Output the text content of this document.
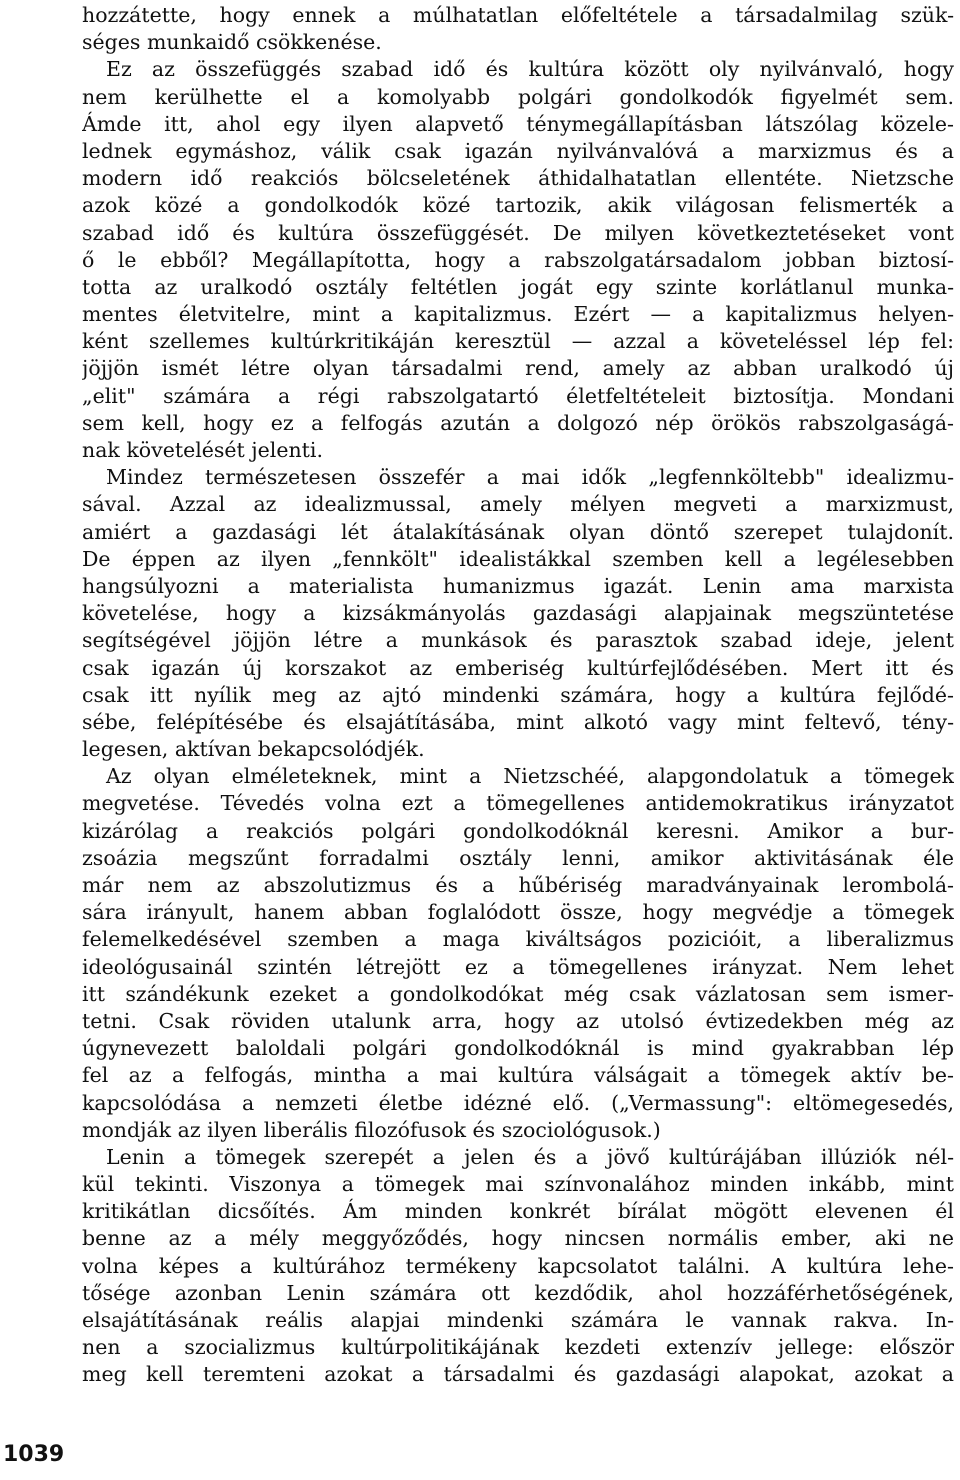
hozzátette, hogy ennek a múlhatatlan előfeltétele a társadalmilag szük-
séges munkaidő csökkenése.
Ez az összefüggés szabad idő és kultúra között oly nyilvánvaló, hogy
nem kerülhette el a komolyabb polgári gondolkodók figyelmét sem.
Ámde itt, ahol egy ilyen alapvető ténymegállapításban látszólag közele-
lednek egymáshoz, válik csak igazán nyilvánvalóvá a marxizmus és a
modern idő reakciós bölcseletének áthidalhatatlan ellentéte. Nietzsche
azok közé a gondolkodók közé tartozik, akik világosan felismerték a
szabad idő és kultúra összefüggését. De milyen következtetéseket vont
ő le ebből? Megállapította, hogy a rabszolgatársadalom jobban biztosí-
totta az uralkodó osztály feltétlen jogát egy szinte korlátlanul munka-
mentes életvitelre, mint a kapitalizmus. Ezért — a kapitalizmus helyen-
ként szellemes kultúrkritikáján keresztül — azzal a követeléssel lép fel:
jöjjön ismét létre olyan társadalmi rend, amely az abban uralkodó új
„elit" számára a régi rabszolgatartó életfeltételeit biztosítja. Mondani
sem kell, hogy ez a felfogás azután a dolgozó nép örökös rabszolgaságá-
nak követelését jelenti.
Mindez természetesen összefér a mai idők „legfennköltebb" idealizmu-
sával. Azzal az idealizmussal, amely mélyen megveti a marxizmust,
amiért a gazdasági lét átalakításának olyan döntő szerepet tulajdonít.
De éppen az ilyen „fennkölt" idealistákkal szemben kell a legélesebben
hangsúlyozni a materialista humanizmus igazát. Lenin ama marxista
követelése, hogy a kizsákmányolás gazdasági alapjainak megszüntetése
segítségével jöjjön létre a munkások és parasztok szabad ideje, jelent
csak igazán új korszakot az emberiség kultúrfejlődésében. Mert itt és
csak itt nyílik meg az ajtó mindenki számára, hogy a kultúra fejlődé-
sébe, felépítésébe és elsajátításába, mint alkotó vagy mint feltevő, tény-
legesen, aktívan bekapcsolódjék.
Az olyan elméleteknek, mint a Nietzschéé, alapgondolatuk a tömegek
megvetése. Tévedés volna ezt a tömegellenes antidemokratikus irányzatot
kizárólag a reakciós polgári gondolkodóknál keresni. Amikor a bur-
zsoázia megszűnt forradalmi osztály lenni, amikor aktivitásának éle
már nem az abszolutizmus és a hűbériség maradványainak lerombolá-
sára irányult, hanem abban foglalódott össze, hogy megvédje a tömegek
felemelkedésével szemben a maga kiváltságos pozicióit, a liberalizmus
ideológusainál szintén létrejött ez a tömegellenes irányzat. Nem lehet
itt szándékunk ezeket a gondolkodókat még csak vázlatosan sem ismer-
tetni. Csak röviden utalunk arra, hogy az utolsó évtizedekben még az
úgynevezett baloldali polgári gondolkodóknál is mind gyakrabban lép
fel az a felfogás, mintha a mai kultúra válságait a tömegek aktív be-
kapcsolódása a nemzeti életbe idézné elő. („Vermassung": eltömegesedés,
mondják az ilyen liberális filozófusok és szociológusok.)
Lenin a tömegek szerepét a jelen és a jövő kultúrájában illúziók nél-
kül tekinti. Viszonya a tömegek mai színvonalához minden inkább, mint
kritikátlan dicsőítés. Ám minden konkrét bírálat mögött elevenen él
benne az a mély meggyőződés, hogy nincsen normális ember, aki ne
volna képes a kultúrához termékeny kapcsolatot találni. A kultúra lehe-
tősége azonban Lenin számára ott kezdődik, ahol hozzáférhetőségének,
elsajátításának reális alapjai mindenki számára le vannak rakva. In-
nen a szocializmus kultúrpolitikájának kezdeti extenzív jellege: először
meg kell teremteni azokat a társadalmi és gazdasági alapokat, azokat a
1039
